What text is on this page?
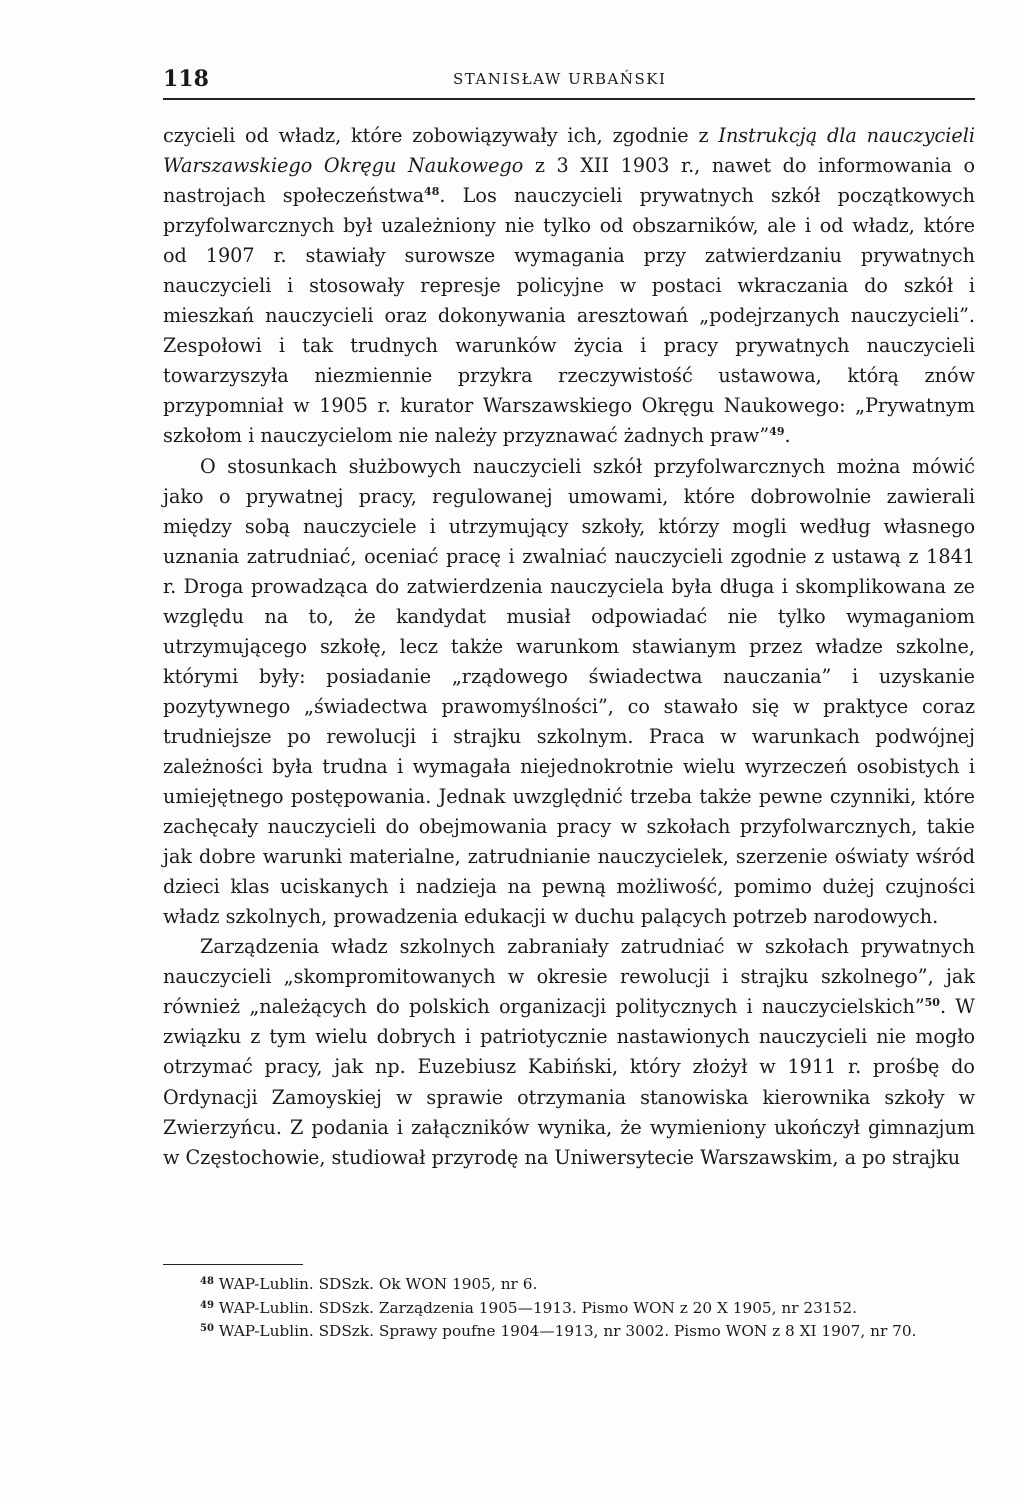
118	STANISŁAW URBAŃSKI

czycieli od władz, które zobowiązywały ich, zgodnie z Instrukcją dla nauczycieli Warszawskiego Okręgu Naukowego z 3 XII 1903 r., nawet do informowania o nastrojach społeczeństwa$^{48}$. Los nauczycieli prywatnych szkół początkowych przyfolwarcznych był uzależniony nie tylko od obszarników, ale i od władz, które od 1907 r. stawiały surowsze wymagania przy zatwierdzaniu prywatnych nauczycieli i stosowały represje policyjne w postaci wkraczania do szkół i mieszkań nauczycieli oraz dokonywania aresztowań „podejrzanych nauczycieli”. Zespołowi i tak trudnych warunków życia i pracy prywatnych nauczycieli towarzyszyła niezmiennie przykra rzeczywistość ustawowa, którą znów przypomniał w 1905 r. kurator Warszawskiego Okręgu Naukowego: „Prywatnym szkołom i nauczycielom nie należy przyznawać żadnych praw”$^{49}$.

O stosunkach służbowych nauczycieli szkół przyfolwarcznych można mówić jako o prywatnej pracy, regulowanej umowami, które dobrowolnie zawierali między sobą nauczyciele i utrzymujący szkoły, którzy mogli według własnego uznania zatrudniać, oceniać pracę i zwalniać nauczycieli zgodnie z ustawą z 1841 r. Droga prowadząca do zatwierdzenia nauczyciela była długa i skomplikowana ze względu na to, że kandydat musiał odpowiadać nie tylko wymaganiom utrzymującego szkołę, lecz także warunkom stawianym przez władze szkolne, którymi były: posiadanie „rządowego świadectwa nauczania” i uzyskanie pozytywnego „świadectwa prawomyślności”, co stawało się w praktyce coraz trudniejsze po rewolucji i strajku szkolnym. Praca w warunkach podwójnej zależności była trudna i wymagała niejednokrotnie wielu wyrzeczeń osobistych i umiejętnego postępowania. Jednak uwzględnić trzeba także pewne czynniki, które zachęcały nauczycieli do obejmowania pracy w szkołach przyfolwarcznych, takie jak dobre warunki materialne, zatrudnianie nauczycielek, szerzenie oświaty wśród dzieci klas uciskanych i nadzieja na pewną możliwość, pomimo dużej czujności władz szkolnych, prowadzenia edukacji w duchu palących potrzeb narodowych.

Zarządzenia władz szkolnych zabraniały zatrudniać w szkołach prywatnych nauczycieli „skompromitowanych w okresie rewolucji i strajku szkolnego”, jak również „należących do polskich organizacji politycznych i nauczycielskich”$^{50}$. W związku z tym wielu dobrych i patriotycznie nastawionych nauczycieli nie mogło otrzymać pracy, jak np. Euzebiusz Kabiński, który złożył w 1911 r. prośbę do Ordynacji Zamoyskiej w sprawie otrzymania stanowiska kierownika szkoły w Zwierzyńcu. Z podania i załączników wynika, że wymieniony ukończył gimnazjum w Częstochowie, studiował przyrodę na Uniwersytecie Warszawskim, a po strajku

$^{48}$ WAP-Lublin. SDSzk. Ok WON 1905, nr 6.

$^{49}$ WAP-Lublin. SDSzk. Zarządzenia 1905—1913. Pismo WON z 20 X 1905, nr 23152.

$^{50}$ WAP-Lublin. SDSzk. Sprawy poufne 1904—1913, nr 3002. Pismo WON z 8 XI 1907, nr 70.
